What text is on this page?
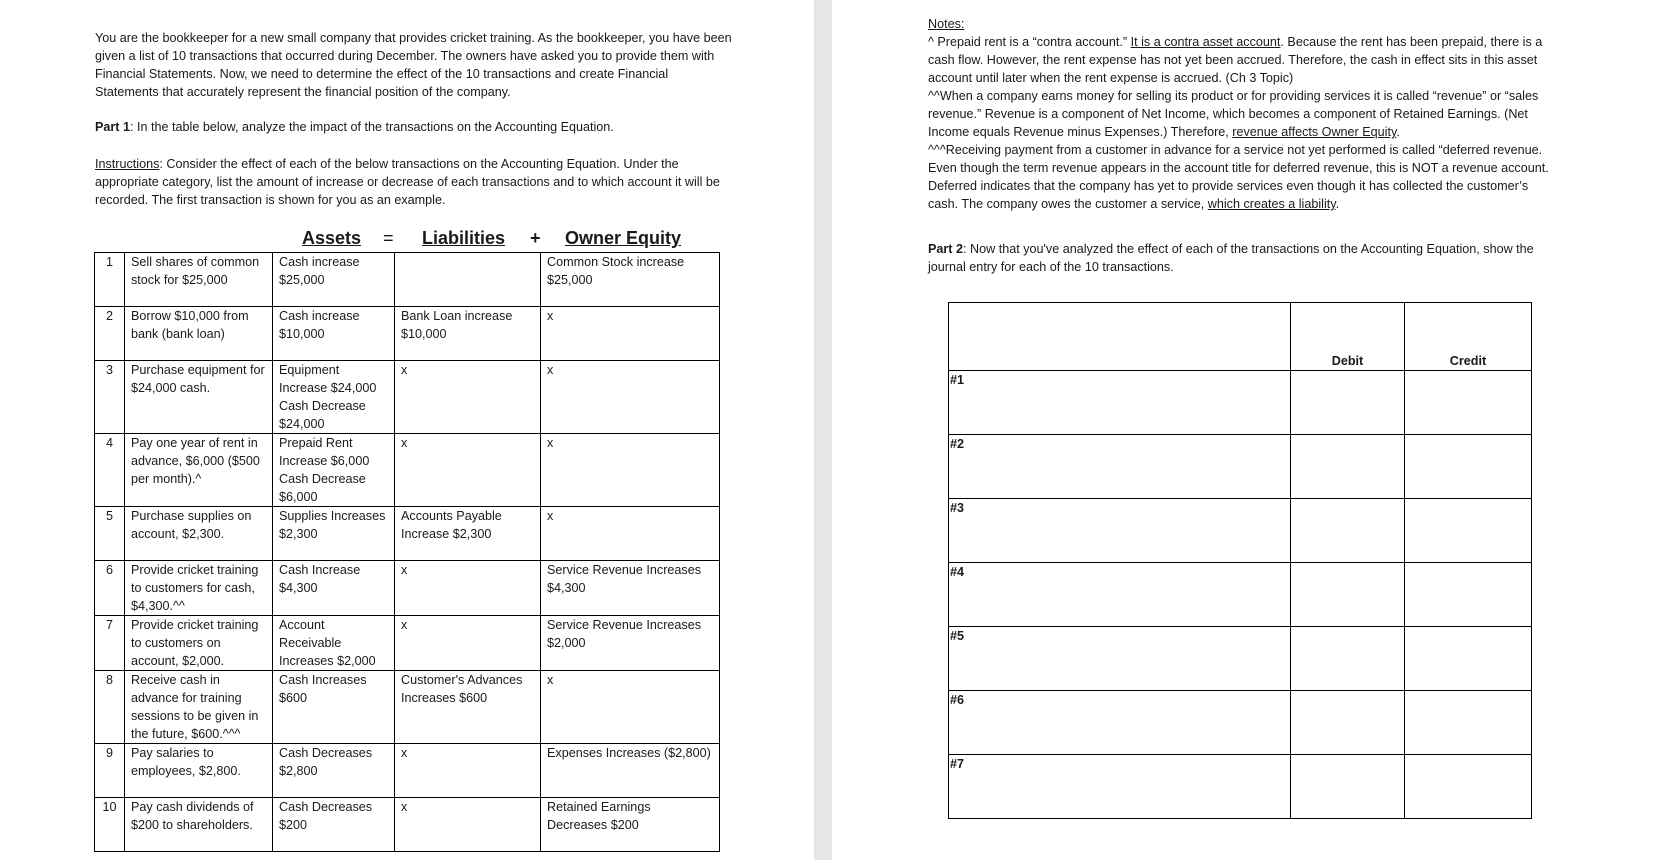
You are the bookkeeper for a new small company that provides cricket training. As the bookkeeper, you have been given a list of 10 transactions that occurred during December. The owners have asked you to provide them with Financial Statements. Now, we need to determine the effect of the 10 transactions and create Financial Statements that accurately represent the financial position of the company.

Part 1: In the table below, analyze the impact of the transactions on the Accounting Equation.

Instructions: Consider the effect of each of the below transactions on the Accounting Equation. Under the appropriate category, list the amount of increase or decrease of each transactions and to which account it will be recorded. The first transaction is shown for you as an example.

Assets = Liabilities + Owner Equity
1	Sell shares of common stock for $25,000	Cash increase $25,000		Common Stock increase $25,000
2	Borrow $10,000 from bank (bank loan)	Cash increase $10,000	Bank Loan increase $10,000	x
3	Purchase equipment for $24,000 cash.	Equipment Increase $24,000 Cash Decrease $24,000	x	x
4	Pay one year of rent in advance, $6,000 ($500 per month).^	Prepaid Rent Increase $6,000 Cash Decrease $6,000	x	x
5	Purchase supplies on account, $2,300.	Supplies Increases $2,300	Accounts Payable Increase $2,300	x
6	Provide cricket training to customers for cash, $4,300.^^	Cash Increase $4,300	x	Service Revenue Increases $4,300
7	Provide cricket training to customers on account, $2,000.	Account Receivable Increases $2,000	x	Service Revenue Increases $2,000
8	Receive cash in advance for training sessions to be given in the future, $600.^^^	Cash Increases $600	Customer's Advances Increases $600	x
9	Pay salaries to employees, $2,800.	Cash Decreases $2,800	x	Expenses Increases ($2,800)
10	Pay cash dividends of $200 to shareholders.	Cash Decreases $200	x	Retained Earnings Decreases $200

Notes:

^ Prepaid rent is a “contra account.” It is a contra asset account. Because the rent has been prepaid, there is a cash flow. However, the rent expense has not yet been accrued. Therefore, the cash in effect sits in this asset account until later when the rent expense is accrued. (Ch 3 Topic)

^^When a company earns money for selling its product or for providing services it is called “revenue” or “sales revenue.” Revenue is a component of Net Income, which becomes a component of Retained Earnings. (Net Income equals Revenue minus Expenses.) Therefore, revenue affects Owner Equity.

^^^Receiving payment from a customer in advance for a service not yet performed is called “deferred revenue. Even though the term revenue appears in the account title for deferred revenue, this is NOT a revenue account. Deferred indicates that the company has yet to provide services even though it has collected the customer’s cash. The company owes the customer a service, which creates a liability.

Part 2: Now that you've analyzed the effect of each of the transactions on the Accounting Equation, show the journal entry for each of the 10 transactions.

	Debit	Credit
#1		
#2		
#3		
#4		
#5		
#6		
#7		
